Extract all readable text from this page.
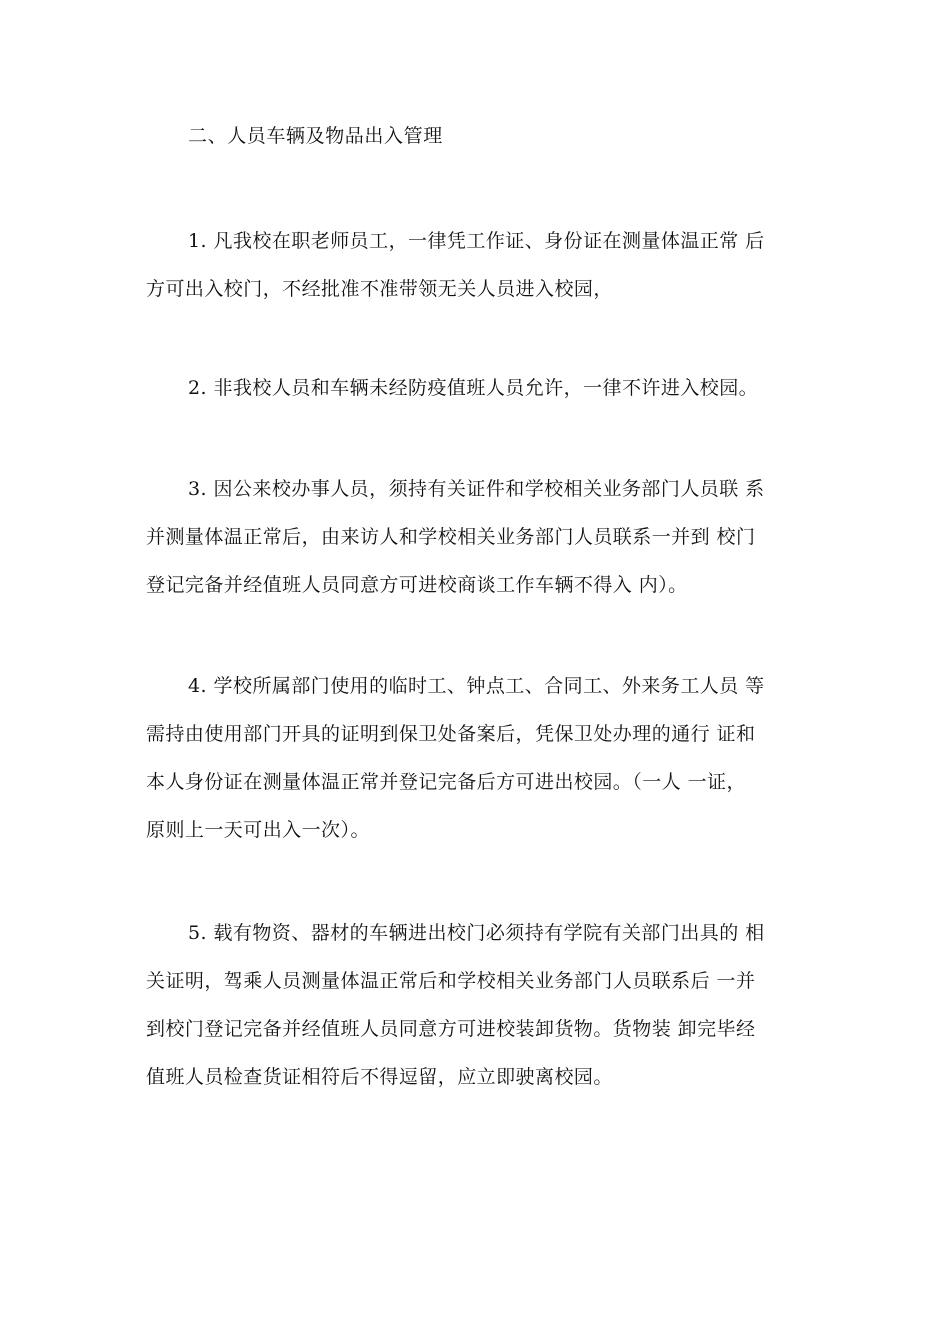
二、人员车辆及物品出入管理
1. 凡我校在职老师员工，一律凭工作证、身份证在测量体温正常 后
方可出入校门，不经批准不准带领无关人员进入校园，
2. 非我校人员和车辆未经防疫值班人员允许，一律不许进入校园。
3. 因公来校办事人员，须持有关证件和学校相关业务部门人员联 系
并测量体温正常后，由来访人和学校相关业务部门人员联系一并到 校门
登记完备并经值班人员同意方可进校商谈工作车辆不得入 内）。
4. 学校所属部门使用的临时工、钟点工、合同工、外来务工人员 等
需持由使用部门开具的证明到保卫处备案后，凭保卫处办理的通行 证和
本人身份证在测量体温正常并登记完备后方可进出校园。（一人 一证，
原则上一天可出入一次）。
5. 载有物资、器材的车辆进出校门必须持有学院有关部门出具的 相
关证明，驾乘人员测量体温正常后和学校相关业务部门人员联系后 一并
到校门登记完备并经值班人员同意方可进校装卸货物。货物装 卸完毕经
值班人员检查货证相符后不得逗留，应立即驶离校园。
